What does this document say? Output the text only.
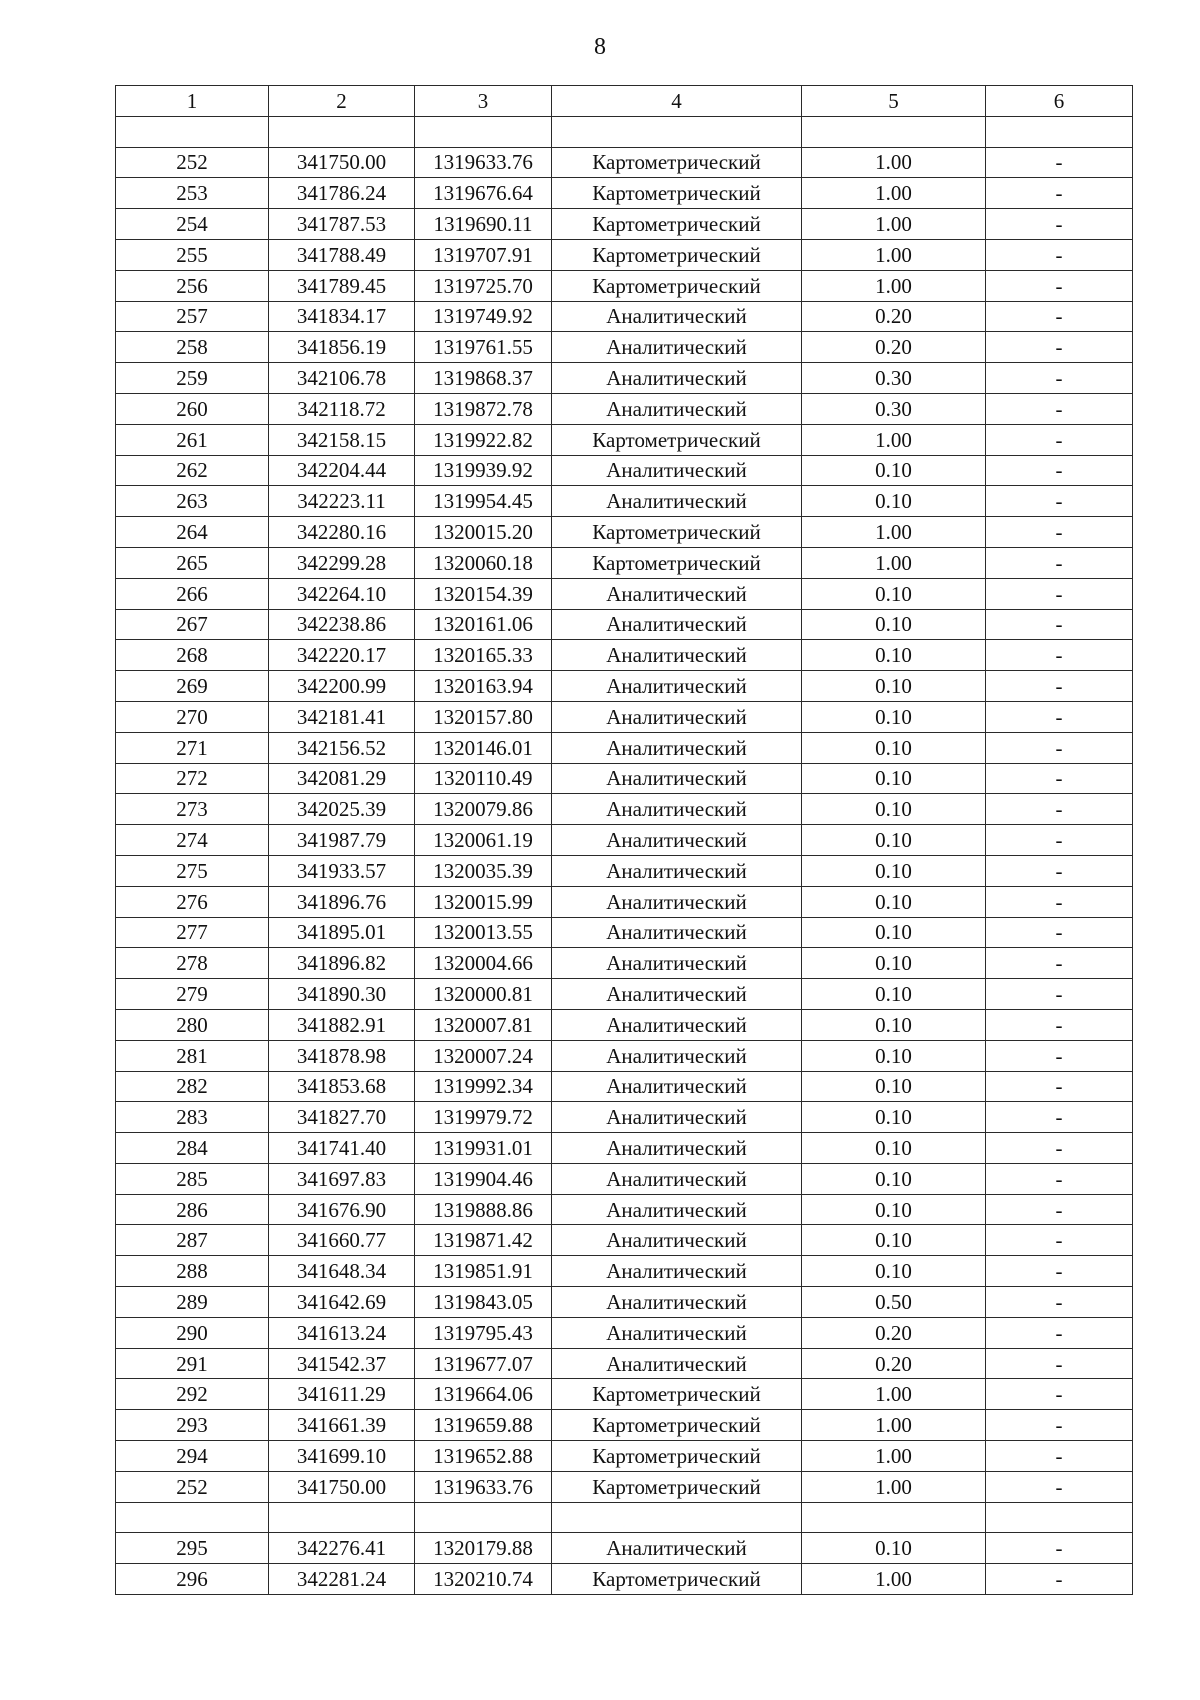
8
1	2	3	4	5	6

252	341750.00	1319633.76	Картометрический	1.00	-
253	341786.24	1319676.64	Картометрический	1.00	-
254	341787.53	1319690.11	Картометрический	1.00	-
255	341788.49	1319707.91	Картометрический	1.00	-
256	341789.45	1319725.70	Картометрический	1.00	-
257	341834.17	1319749.92	Аналитический	0.20	-
258	341856.19	1319761.55	Аналитический	0.20	-
259	342106.78	1319868.37	Аналитический	0.30	-
260	342118.72	1319872.78	Аналитический	0.30	-
261	342158.15	1319922.82	Картометрический	1.00	-
262	342204.44	1319939.92	Аналитический	0.10	-
263	342223.11	1319954.45	Аналитический	0.10	-
264	342280.16	1320015.20	Картометрический	1.00	-
265	342299.28	1320060.18	Картометрический	1.00	-
266	342264.10	1320154.39	Аналитический	0.10	-
267	342238.86	1320161.06	Аналитический	0.10	-
268	342220.17	1320165.33	Аналитический	0.10	-
269	342200.99	1320163.94	Аналитический	0.10	-
270	342181.41	1320157.80	Аналитический	0.10	-
271	342156.52	1320146.01	Аналитический	0.10	-
272	342081.29	1320110.49	Аналитический	0.10	-
273	342025.39	1320079.86	Аналитический	0.10	-
274	341987.79	1320061.19	Аналитический	0.10	-
275	341933.57	1320035.39	Аналитический	0.10	-
276	341896.76	1320015.99	Аналитический	0.10	-
277	341895.01	1320013.55	Аналитический	0.10	-
278	341896.82	1320004.66	Аналитический	0.10	-
279	341890.30	1320000.81	Аналитический	0.10	-
280	341882.91	1320007.81	Аналитический	0.10	-
281	341878.98	1320007.24	Аналитический	0.10	-
282	341853.68	1319992.34	Аналитический	0.10	-
283	341827.70	1319979.72	Аналитический	0.10	-
284	341741.40	1319931.01	Аналитический	0.10	-
285	341697.83	1319904.46	Аналитический	0.10	-
286	341676.90	1319888.86	Аналитический	0.10	-
287	341660.77	1319871.42	Аналитический	0.10	-
288	341648.34	1319851.91	Аналитический	0.10	-
289	341642.69	1319843.05	Аналитический	0.50	-
290	341613.24	1319795.43	Аналитический	0.20	-
291	341542.37	1319677.07	Аналитический	0.20	-
292	341611.29	1319664.06	Картометрический	1.00	-
293	341661.39	1319659.88	Картометрический	1.00	-
294	341699.10	1319652.88	Картометрический	1.00	-
252	341750.00	1319633.76	Картометрический	1.00	-

295	342276.41	1320179.88	Аналитический	0.10	-
296	342281.24	1320210.74	Картометрический	1.00	-
